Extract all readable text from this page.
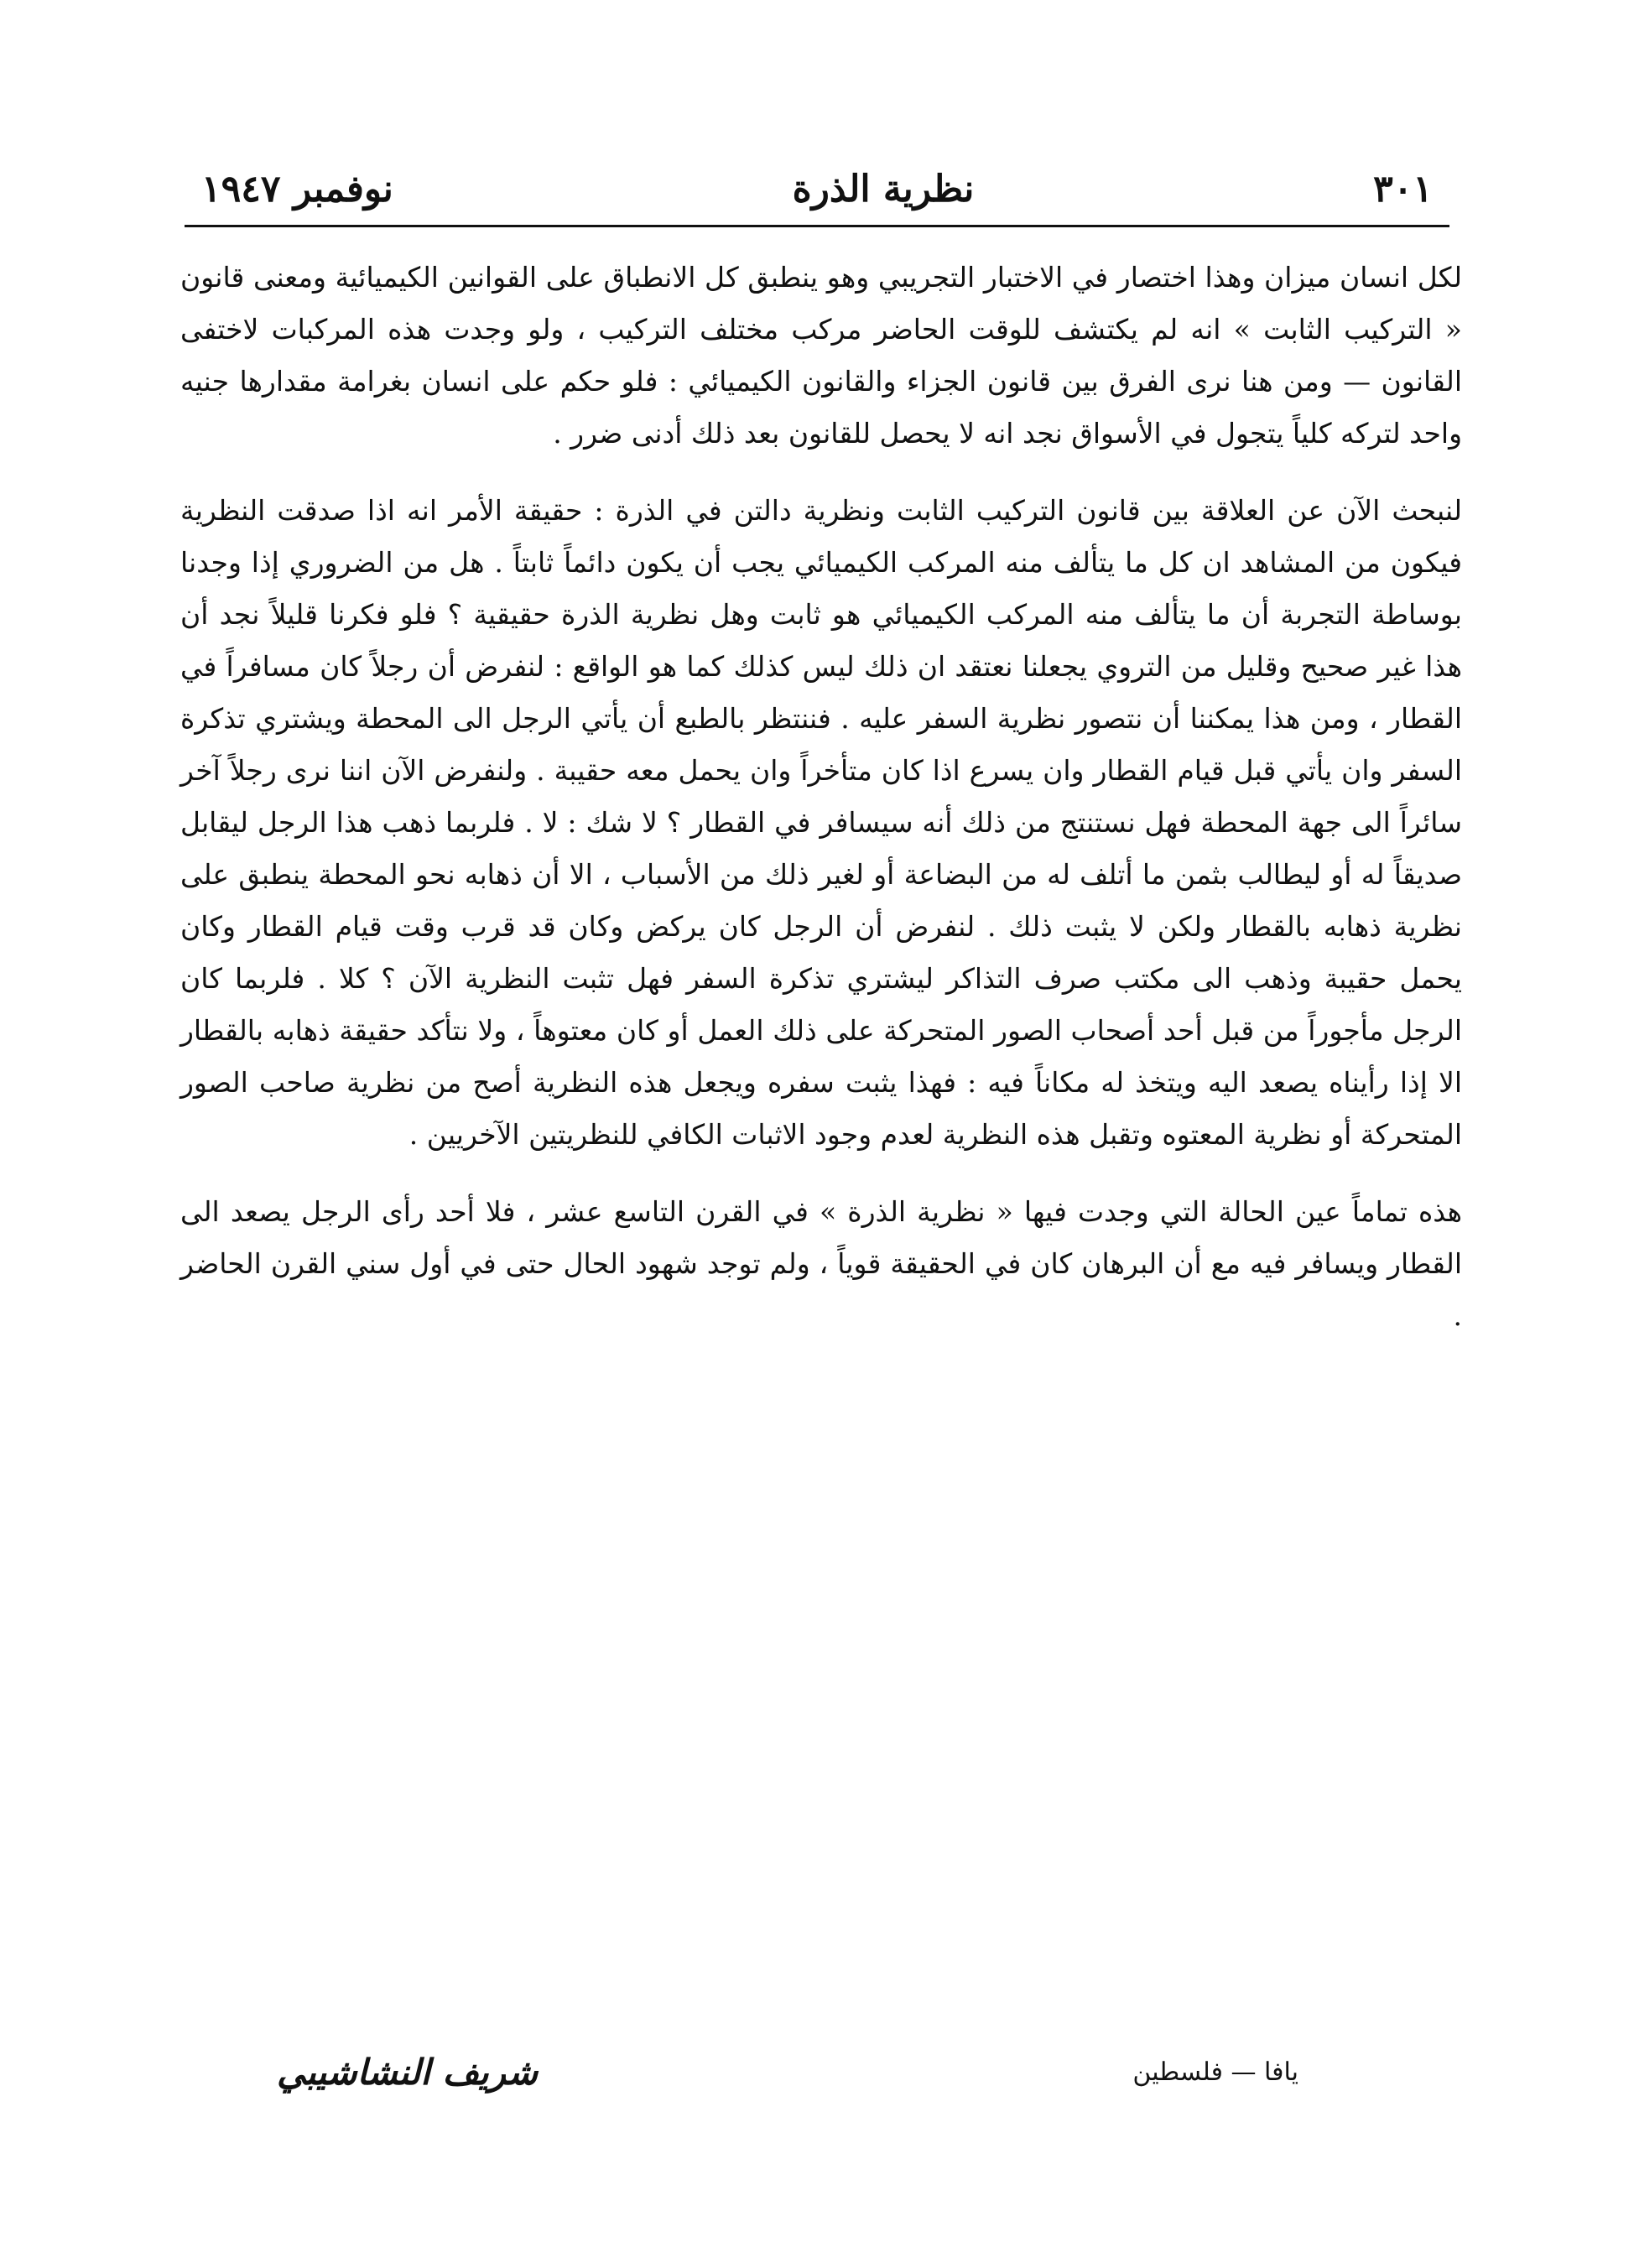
نوفمبر ١٩٤٧	نظرية الذرة	٣٠١

لكل انسان ميزان وهذا اختصار في الاختبار التجريبي وهو ينطبق كل الانطباق على القوانين الكيميائية ومعنى قانون « التركيب الثابت » انه لم يكتشف للوقت الحاضر مركب مختلف التركيب ، ولو وجدت هذه المركبات لاختفى القانون — ومن هنا نرى الفرق بين قانون الجزاء والقانون الكيميائي : فلو حكم على انسان بغرامة مقدارها جنيه واحد لتركه كلياً يتجول في الأسواق نجد انه لا يحصل للقانون بعد ذلك أدنى ضرر .

لنبحث الآن عن العلاقة بين قانون التركيب الثابت ونظرية دالتن في الذرة : حقيقة الأمر انه اذا صدقت النظرية فيكون من المشاهد ان كل ما يتألف منه المركب الكيميائي يجب أن يكون دائماً ثابتاً . هل من الضروري إذا وجدنا بوساطة التجربة أن ما يتألف منه المركب الكيميائي هو ثابت وهل نظرية الذرة حقيقية ؟ فلو فكرنا قليلاً نجد أن هذا غير صحيح وقليل من التروي يجعلنا نعتقد ان ذلك ليس كذلك كما هو الواقع : لنفرض أن رجلاً كان مسافراً في القطار ، ومن هذا يمكننا أن نتصور نظرية السفر عليه . فننتظر بالطبع أن يأتي الرجل الى المحطة ويشتري تذكرة السفر وان يأتي قبل قيام القطار وان يسرع اذا كان متأخراً وان يحمل معه حقيبة . ولنفرض الآن اننا نرى رجلاً آخر سائراً الى جهة المحطة فهل نستنتج من ذلك أنه سيسافر في القطار ؟ لا شك : لا . فلربما ذهب هذا الرجل ليقابل صديقاً له أو ليطالب بثمن ما أتلف له من البضاعة أو لغير ذلك من الأسباب ، الا أن ذهابه نحو المحطة ينطبق على نظرية ذهابه بالقطار ولكن لا يثبت ذلك . لنفرض أن الرجل كان يركض وكان قد قرب وقت قيام القطار وكان يحمل حقيبة وذهب الى مكتب صرف التذاكر ليشتري تذكرة السفر فهل تثبت النظرية الآن ؟ كلا . فلربما كان الرجل مأجوراً من قبل أحد أصحاب الصور المتحركة على ذلك العمل أو كان معتوهاً ، ولا نتأكد حقيقة ذهابه بالقطار الا إذا رأيناه يصعد اليه ويتخذ له مكاناً فيه : فهذا يثبت سفره ويجعل هذه النظرية أصح من نظرية صاحب الصور المتحركة أو نظرية المعتوه وتقبل هذه النظرية لعدم وجود الاثبات الكافي للنظريتين الآخريين .

هذه تماماً عين الحالة التي وجدت فيها « نظرية الذرة » في القرن التاسع عشر ، فلا أحد رأى الرجل يصعد الى القطار ويسافر فيه مع أن البرهان كان في الحقيقة قوياً ، ولم توجد شهود الحال حتى في أول سني القرن الحاضر .

يافا — فلسطين
شريف النشاشيبي
